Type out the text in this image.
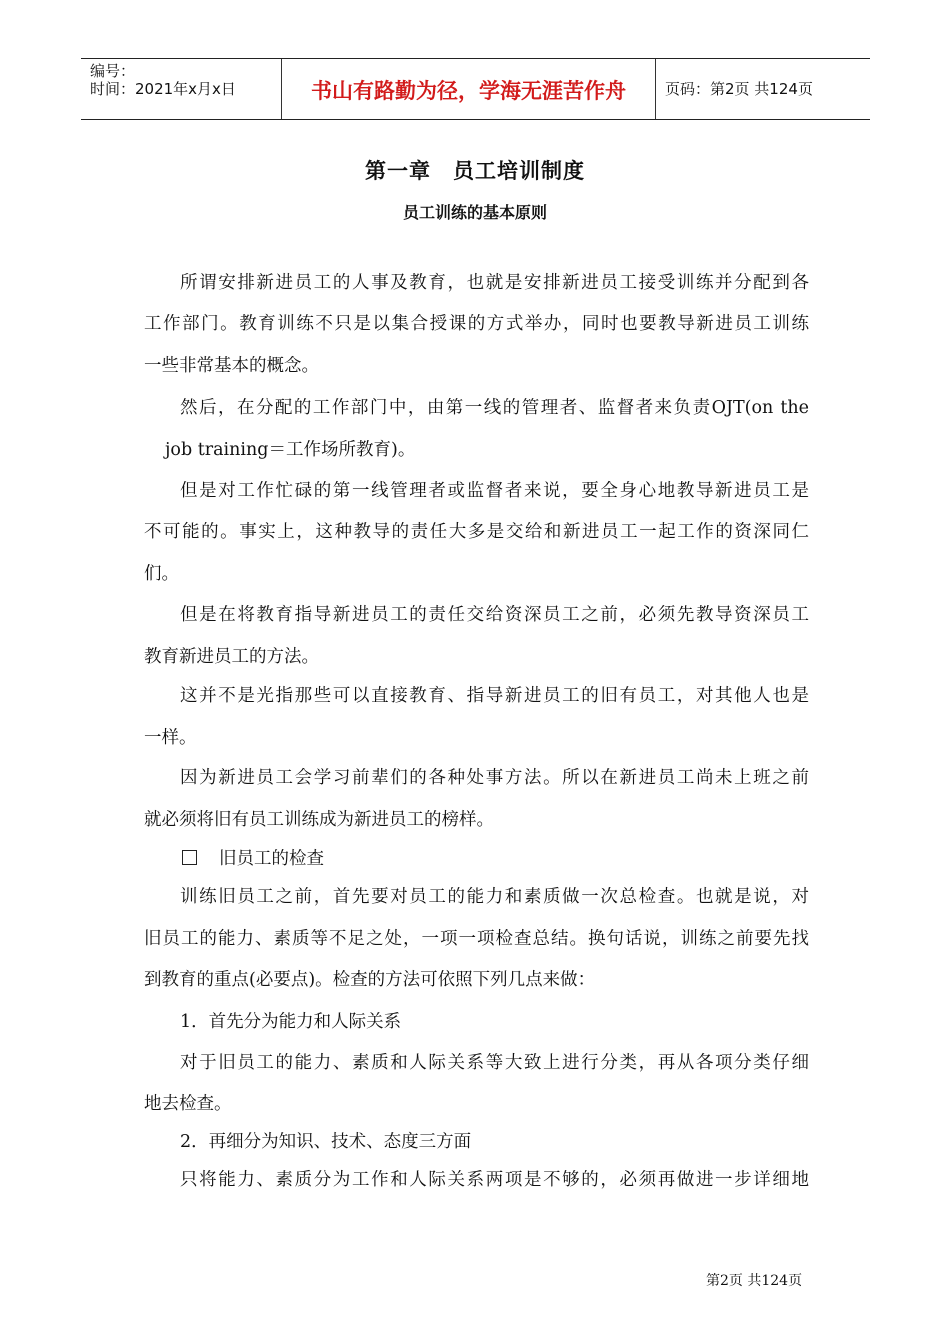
编号：
时间：2021年x月x日	书山有路勤为径，学海无涯苦作舟	页码：第2页 共124页
第一章　员工培训制度
员工训练的基本原则
所谓安排新进员工的人事及教育，也就是安排新进员工接受训练并分配到各
工作部门。教育训练不只是以集合授课的方式举办，同时也要教导新进员工训练
一些非常基本的概念。
然后，在分配的工作部门中，由第一线的管理者、监督者来负责OJT(on the
job training＝工作场所教育)。
但是对工作忙碌的第一线管理者或监督者来说，要全身心地教导新进员工是
不可能的。事实上，这种教导的责任大多是交给和新进员工一起工作的资深同仁
们。
但是在将教育指导新进员工的责任交给资深员工之前，必须先教导资深员工
教育新进员工的方法。
这并不是光指那些可以直接教育、指导新进员工的旧有员工，对其他人也是
一样。
因为新进员工会学习前辈们的各种处事方法。所以在新进员工尚未上班之前
就必须将旧有员工训练成为新进员工的榜样。
旧员工的检查
训练旧员工之前，首先要对员工的能力和素质做一次总检查。也就是说，对
旧员工的能力、素质等不足之处，一项一项检查总结。换句话说，训练之前要先找
到教育的重点(必要点)。检查的方法可依照下列几点来做：
1．首先分为能力和人际关系
对于旧员工的能力、素质和人际关系等大致上进行分类，再从各项分类仔细
地去检查。
2．再细分为知识、技术、态度三方面
只将能力、素质分为工作和人际关系两项是不够的，必须再做进一步详细地
第2页 共124页
